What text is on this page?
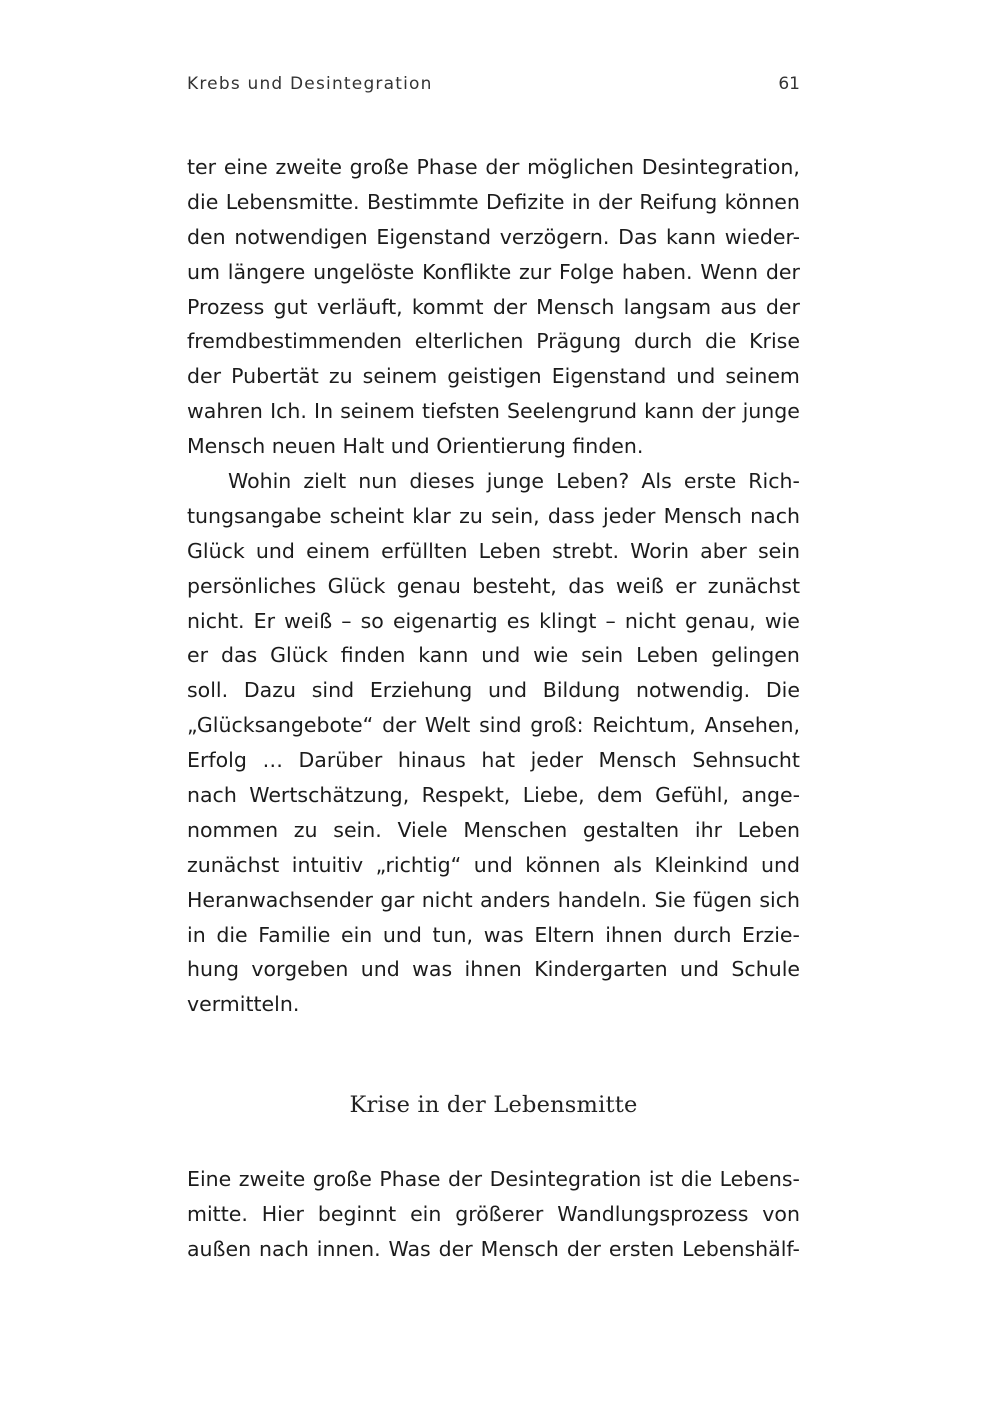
Krebs und Desintegration	61
ter eine zweite große Phase der möglichen Desintegration,
die Lebensmitte. Bestimmte Defizite in der Reifung können
den notwendigen Eigenstand verzögern. Das kann wieder-
um längere ungelöste Konflikte zur Folge haben. Wenn der
Prozess gut verläuft, kommt der Mensch langsam aus der
fremdbestimmenden elterlichen Prägung durch die Krise
der Pubertät zu seinem geistigen Eigenstand und seinem
wahren Ich. In seinem tiefsten Seelengrund kann der junge
Mensch neuen Halt und Orientierung finden.
Wohin zielt nun dieses junge Leben? Als erste Rich-
tungsangabe scheint klar zu sein, dass jeder Mensch nach
Glück und einem erfüllten Leben strebt. Worin aber sein
persönliches Glück genau besteht, das weiß er zunächst
nicht. Er weiß – so eigenartig es klingt – nicht genau, wie
er das Glück finden kann und wie sein Leben gelingen
soll. Dazu sind Erziehung und Bildung notwendig. Die
„Glücksangebote“ der Welt sind groß: Reichtum, Ansehen,
Erfolg … Darüber hinaus hat jeder Mensch Sehnsucht
nach Wertschätzung, Respekt, Liebe, dem Gefühl, ange-
nommen zu sein. Viele Menschen gestalten ihr Leben
zunächst intuitiv „richtig“ und können als Kleinkind und
Heranwachsender gar nicht anders handeln. Sie fügen sich
in die Familie ein und tun, was Eltern ihnen durch Erzie-
hung vorgeben und was ihnen Kindergarten und Schule
vermitteln.
Krise in der Lebensmitte
Eine zweite große Phase der Desintegration ist die Lebens-
mitte. Hier beginnt ein größerer Wandlungsprozess von
außen nach innen. Was der Mensch der ersten Lebenshälf-
